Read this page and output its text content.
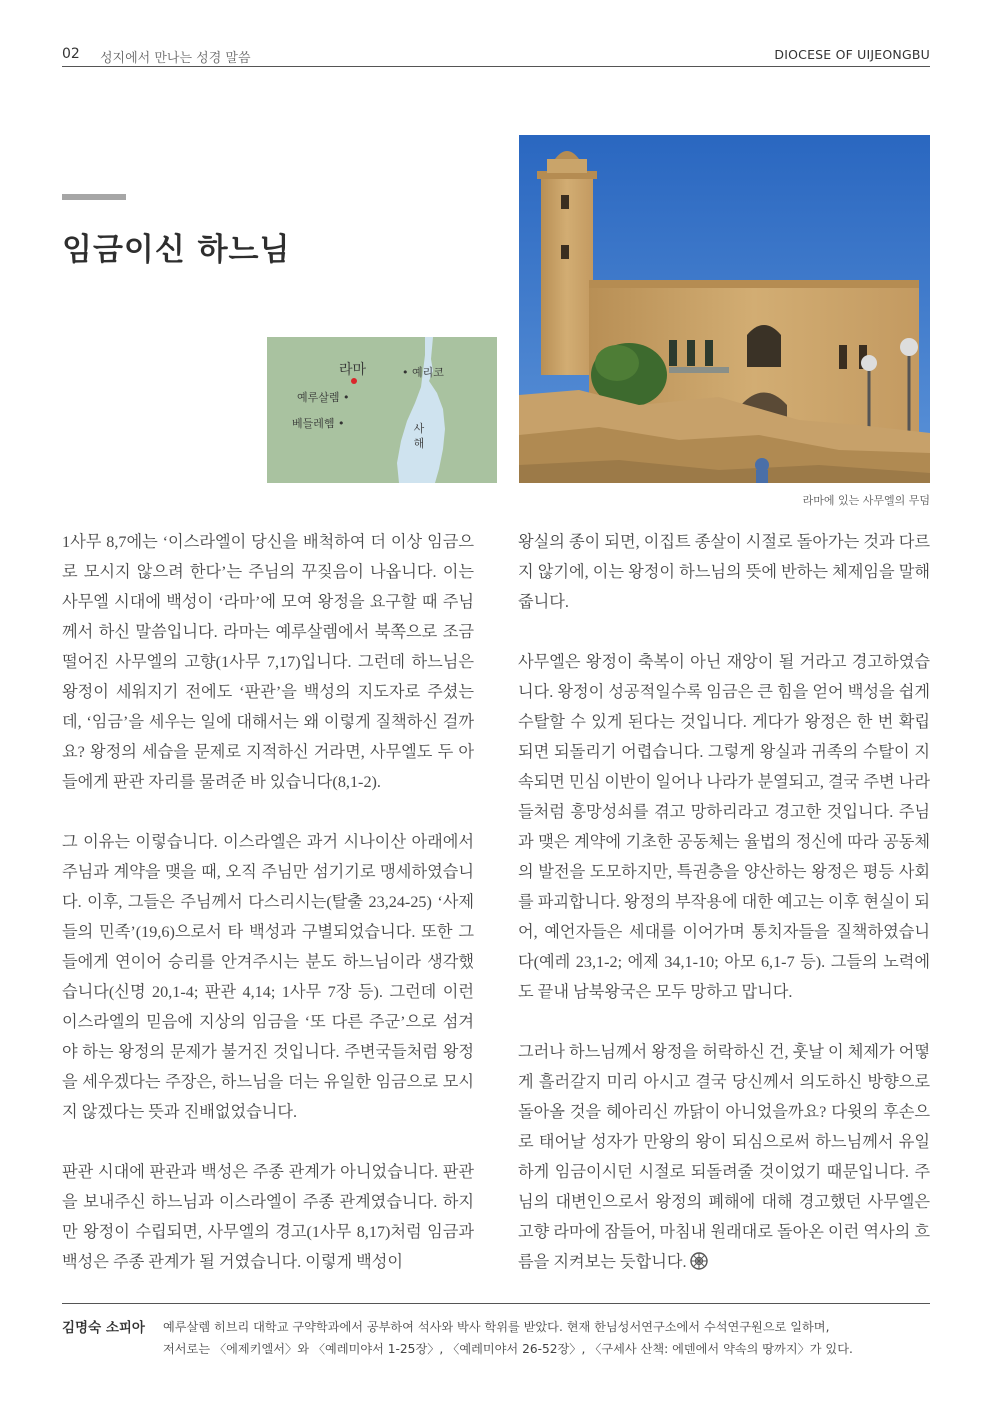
02 성지에서 만나는 성경 말씀	DIOCESE OF UIJEONGBU
임금이신 하느님
라마	• 예리코
예루살렘 •
베들레헴 •	사해
라마에 있는 사무엘의 무덤

1사무 8,7에는 ‘이스라엘이 당신을 배척하여 더 이상 임금으로 모시지 않으려 한다’는 주님의 꾸짖음이 나옵니다. 이는 사무엘 시대에 백성이 ‘라마’에 모여 왕정을 요구할 때 주님께서 하신 말씀입니다. 라마는 예루살렘에서 북쪽으로 조금 떨어진 사무엘의 고향(1사무 7,17)입니다. 그런데 하느님은 왕정이 세워지기 전에도 ‘판관’을 백성의 지도자로 주셨는데, ‘임금’을 세우는 일에 대해서는 왜 이렇게 질책하신 걸까요? 왕정의 세습을 문제로 지적하신 거라면, 사무엘도 두 아들에게 판관 자리를 물려준 바 있습니다(8,1-2).

그 이유는 이렇습니다. 이스라엘은 과거 시나이산 아래에서 주님과 계약을 맺을 때, 오직 주님만 섬기기로 맹세하였습니다. 이후, 그들은 주님께서 다스리시는(탈출 23,24-25) ‘사제들의 민족’(19,6)으로서 타 백성과 구별되었습니다. 또한 그들에게 연이어 승리를 안겨주시는 분도 하느님이라 생각했습니다(신명 20,1-4; 판관 4,14; 1사무 7장 등). 그런데 이런 이스라엘의 믿음에 지상의 임금을 ‘또 다른 주군’으로 섬겨야 하는 왕정의 문제가 불거진 것입니다. 주변국들처럼 왕정을 세우겠다는 주장은, 하느님을 더는 유일한 임금으로 모시지 않겠다는 뜻과 진배없었습니다.

판관 시대에 판관과 백성은 주종 관계가 아니었습니다. 판관을 보내주신 하느님과 이스라엘이 주종 관계였습니다. 하지만 왕정이 수립되면, 사무엘의 경고(1사무 8,17)처럼 임금과 백성은 주종 관계가 될 거였습니다. 이렇게 백성이

왕실의 종이 되면, 이집트 종살이 시절로 돌아가는 것과 다르지 않기에, 이는 왕정이 하느님의 뜻에 반하는 체제임을 말해줍니다.

사무엘은 왕정이 축복이 아닌 재앙이 될 거라고 경고하였습니다. 왕정이 성공적일수록 임금은 큰 힘을 얻어 백성을 쉽게 수탈할 수 있게 된다는 것입니다. 게다가 왕정은 한 번 확립되면 되돌리기 어렵습니다. 그렇게 왕실과 귀족의 수탈이 지속되면 민심 이반이 일어나 나라가 분열되고, 결국 주변 나라들처럼 흥망성쇠를 겪고 망하리라고 경고한 것입니다. 주님과 맺은 계약에 기초한 공동체는 율법의 정신에 따라 공동체의 발전을 도모하지만, 특권층을 양산하는 왕정은 평등 사회를 파괴합니다. 왕정의 부작용에 대한 예고는 이후 현실이 되어, 예언자들은 세대를 이어가며 통치자들을 질책하였습니다(예레 23,1-2; 에제 34,1-10; 아모 6,1-7 등). 그들의 노력에도 끝내 남북왕국은 모두 망하고 맙니다.

그러나 하느님께서 왕정을 허락하신 건, 훗날 이 체제가 어떻게 흘러갈지 미리 아시고 결국 당신께서 의도하신 방향으로 돌아올 것을 헤아리신 까닭이 아니었을까요? 다윗의 후손으로 태어날 성자가 만왕의 왕이 되심으로써 하느님께서 유일하게 임금이시던 시절로 되돌려줄 것이었기 때문입니다. 주님의 대변인으로서 왕정의 폐해에 대해 경고했던 사무엘은 고향 라마에 잠들어, 마침내 원래대로 돌아온 이런 역사의 흐름을 지켜보는 듯합니다.

김명숙 소피아 예루살렘 히브리 대학교 구약학과에서 공부하여 석사와 박사 학위를 받았다. 현재 한님성서연구소에서 수석연구원으로 일하며,
저서로는 〈에제키엘서〉와 〈예레미야서 1-25장〉, 〈예레미야서 26-52장〉, 〈구세사 산책: 에덴에서 약속의 땅까지〉가 있다.
